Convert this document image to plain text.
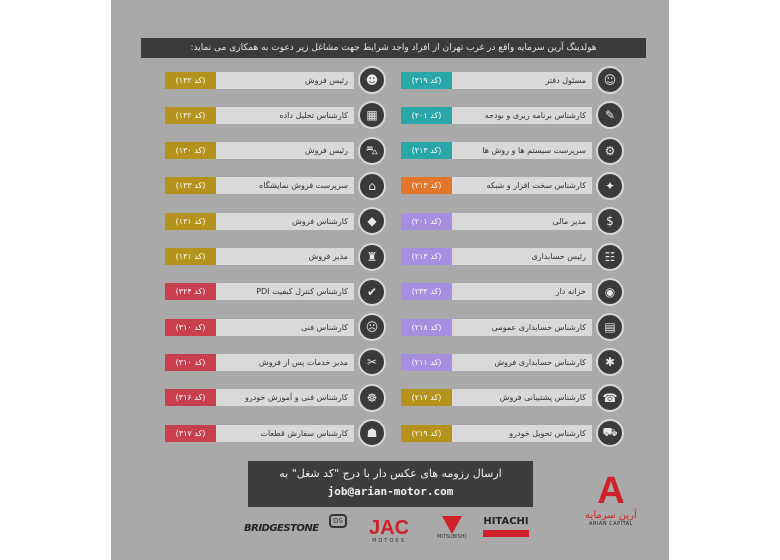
هولدینگ آرین سرمایه واقع در غرب تهران از افراد واجد شرایط جهت مشاغل زیر دعوت به همکاری می نماید:
(کد ۱۳۲)	رئیس فروش	☻
(کد ۱۳۲)	کارشناس تحلیل داده	▦
(کد ۱۳۰)	رئیس فروش	⛍
(کد ۱۳۳)	سرپرست فروش نمایشگاه	⌂
(کد ۱۳۱)	کارشناس فروش	◆
(کد ۱۳۱)	مدیر فروش	♜
(کد ۳۲۴)	کارشناس کنترل کیفیت PDI	✔
(کد ۳۱۰)	کارشناس فنی	☹
(کد ۳۱۰)	مدیر خدمات پس از فروش	✂
(کد ۳۱۶)	کارشناس فنی و آموزش خودرو	☸
(کد ۳۱۷)	کارشناس سفارش قطعات	☗
(کد ۳۱۹)	مسئول دفتر	☺
(کد ۲۰۱)	کارشناس برنامه ریزی و بودجه	✎
(کد ۲۱۳)	سرپرست سیستم ها و روش ها	⚙
(کد ۲۱۳)	کارشناس سخت افزار و شبکه	✦
(کد ۲۰۱)	مدیر مالی	$
(کد ۲۱۳)	رئیس حسابداری	☷
(کد ۲۳۳)	خزانه دار	◉
(کد ۲۱۸)	کارشناس حسابداری عمومی	▤
(کد ۲۱۱)	کارشناس حسابداری فروش	✱
(کد ۲۱۷)	کارشناس پشتیبانی فروش	☎
(کد ۲۱۹)	کارشناس تحویل خودرو	⛟
ارسال رزومه های عکس دار با درج "کد شغل" به
job@arian-motor.com
BRIDGESTONE
DS JAC
MOTORS
MITSUBISHI
HITACHI
A
آرین سرمایه
ARIAN CAPITAL
